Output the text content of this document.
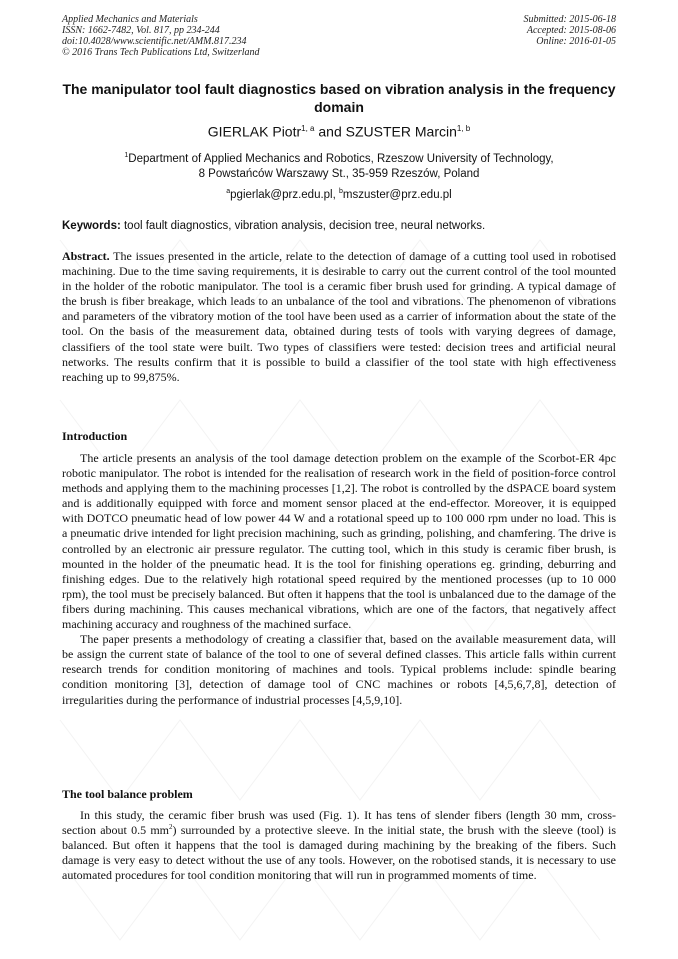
Applied Mechanics and Materials
ISSN: 1662-7482, Vol. 817, pp 234-244
doi:10.4028/www.scientific.net/AMM.817.234
© 2016 Trans Tech Publications Ltd, Switzerland
Submitted: 2015-06-18
Accepted: 2015-08-06
Online: 2016-01-05
The manipulator tool fault diagnostics based on vibration analysis in the frequency domain
GIERLAK Piotr$^{1, a}$ and SZUSTER Marcin$^{1, b}$
$^1$Department of Applied Mechanics and Robotics, Rzeszow University of Technology,
8 Powstańców Warszawy St., 35-959 Rzeszów, Poland
$^a$pgierlak@prz.edu.pl, $^b$mszuster@prz.edu.pl
Keywords: tool fault diagnostics, vibration analysis, decision tree, neural networks.
Abstract. The issues presented in the article, relate to the detection of damage of a cutting tool used in robotised machining. Due to the time saving requirements, it is desirable to carry out the current control of the tool mounted in the holder of the robotic manipulator. The tool is a ceramic fiber brush used for grinding. A typical damage of the brush is fiber breakage, which leads to an unbalance of the tool and vibrations. The phenomenon of vibrations and parameters of the vibratory motion of the tool have been used as a carrier of information about the state of the tool. On the basis of the measurement data, obtained during tests of tools with varying degrees of damage, classifiers of the tool state were built. Two types of classifiers were tested: decision trees and artificial neural networks. The results confirm that it is possible to build a classifier of the tool state with high effectiveness reaching up to 99,875%.
Introduction

The article presents an analysis of the tool damage detection problem on the example of the Scorbot-ER 4pc robotic manipulator. The robot is intended for the realisation of research work in the field of position-force control methods and applying them to the machining processes [1,2]. The robot is controlled by the dSPACE board system and is additionally equipped with force and moment sensor placed at the end-effector. Moreover, it is equipped with DOTCO pneumatic head of low power 44 W and a rotational speed up to 100 000 rpm under no load. This is a pneumatic drive intended for light precision machining, such as grinding, polishing, and chamfering. The drive is controlled by an electronic air pressure regulator. The cutting tool, which in this study is ceramic fiber brush, is mounted in the holder of the pneumatic head. It is the tool for finishing operations eg. grinding, deburring and finishing edges. Due to the relatively high rotational speed required by the mentioned processes (up to 10 000 rpm), the tool must be precisely balanced. But often it happens that the tool is unbalanced due to the damage of the fibers during machining. This causes mechanical vibrations, which are one of the factors, that negatively affect machining accuracy and roughness of the machined surface.

The paper presents a methodology of creating a classifier that, based on the available measurement data, will be assign the current state of balance of the tool to one of several defined classes. This article falls within current research trends for condition monitoring of machines and tools. Typical problems include: spindle bearing condition monitoring [3], detection of damage tool of CNC machines or robots [4,5,6,7,8], detection of irregularities during the performance of industrial processes [4,5,9,10].

The tool balance problem

In this study, the ceramic fiber brush was used (Fig. 1). It has tens of slender fibers (length 30 mm, cross-section about 0.5 $mm^2$) surrounded by a protective sleeve. In the initial state, the brush with the sleeve (tool) is balanced. But often it happens that the tool is damaged during machining by the breaking of the fibers. Such damage is very easy to detect without the use of any tools. However, on the robotised stands, it is necessary to use automated procedures for tool condition monitoring that will run in programmed moments of time.
